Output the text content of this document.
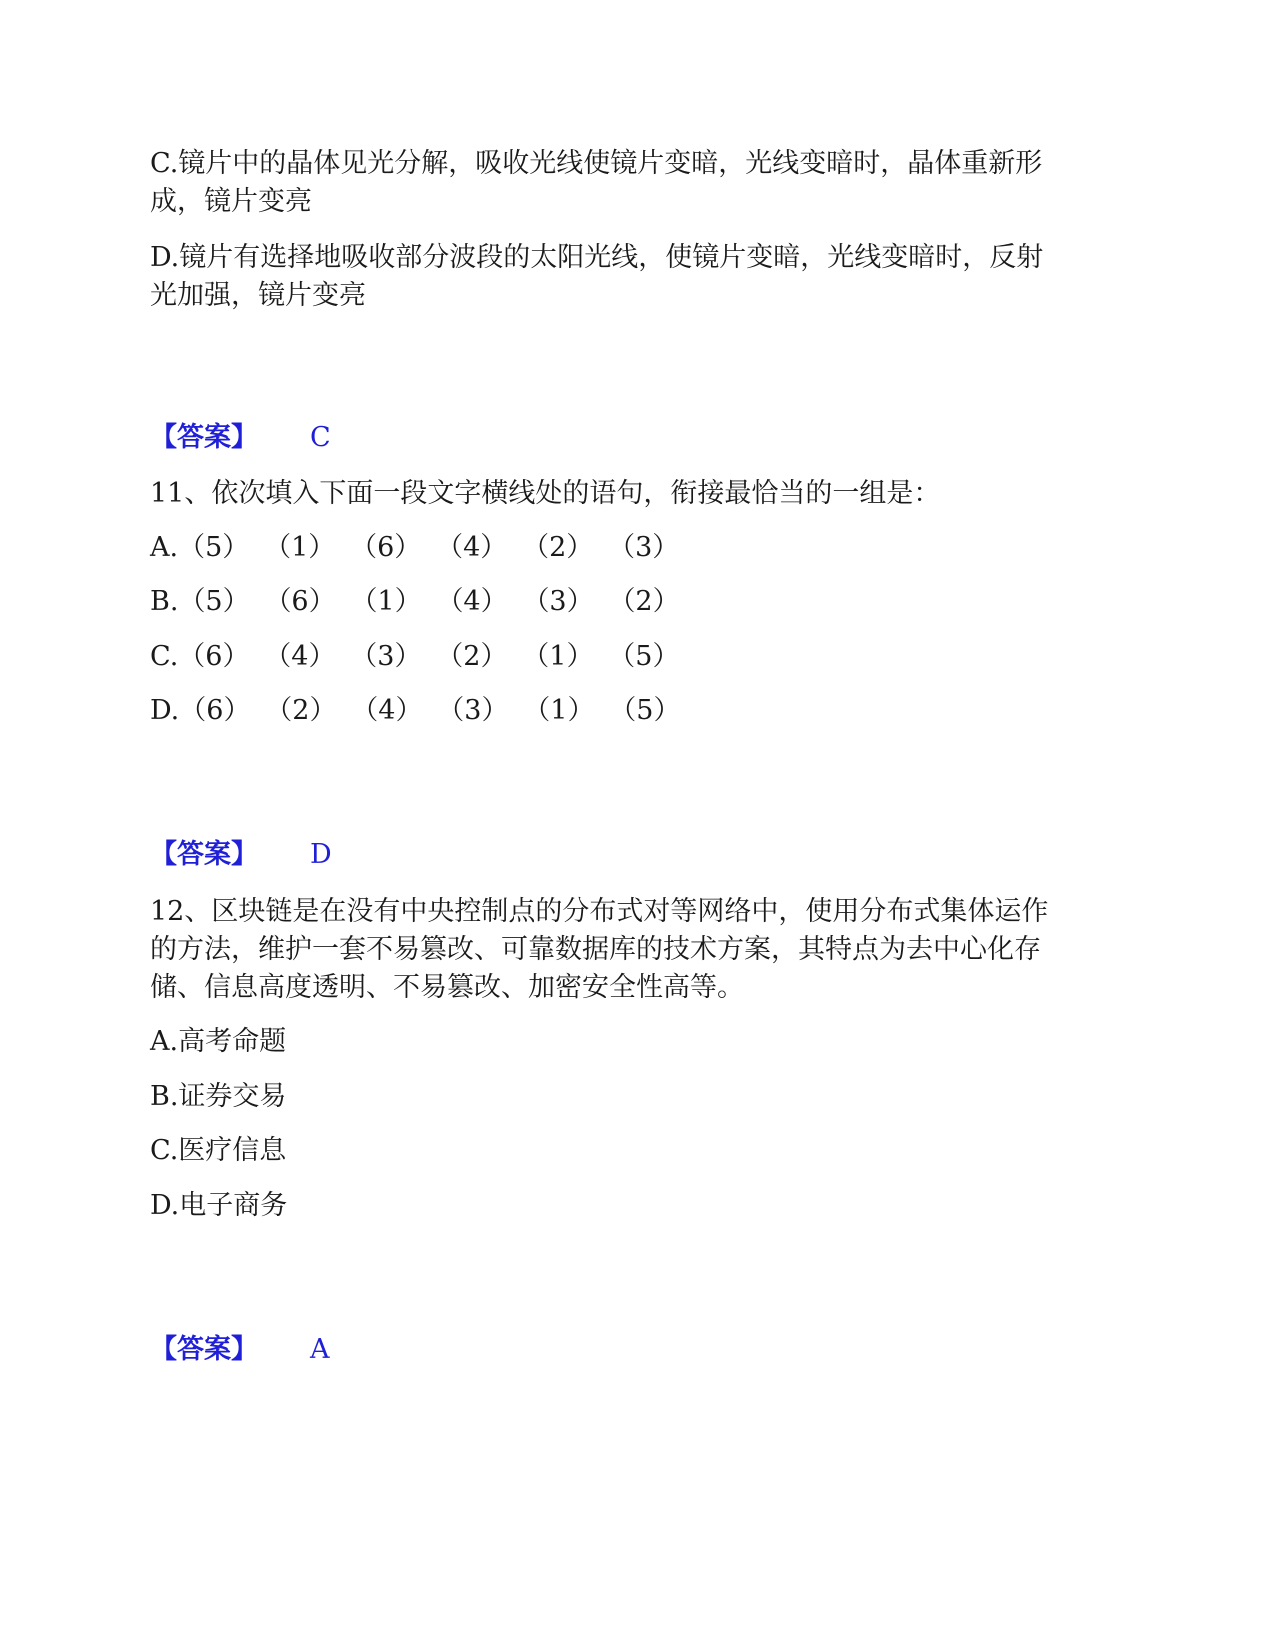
C.镜片中的晶体见光分解，吸收光线使镜片变暗，光线变暗时，晶体重新形
成，镜片变亮
D.镜片有选择地吸收部分波段的太阳光线，使镜片变暗，光线变暗时，反射
光加强，镜片变亮
【答案】 C
11、依次填入下面一段文字横线处的语句，衔接最恰当的一组是：
A.（5） （1） （6） （4） （2） （3）
B.（5） （6） （1） （4） （3） （2）
C.（6） （4） （3） （2） （1） （5）
D.（6） （2） （4） （3） （1） （5）
【答案】 D
12、区块链是在没有中央控制点的分布式对等网络中，使用分布式集体运作
的方法，维护一套不易篡改、可靠数据库的技术方案，其特点为去中心化存
储、信息高度透明、不易篡改、加密安全性高等。
A.高考命题
B.证券交易
C.医疗信息
D.电子商务
【答案】 A
